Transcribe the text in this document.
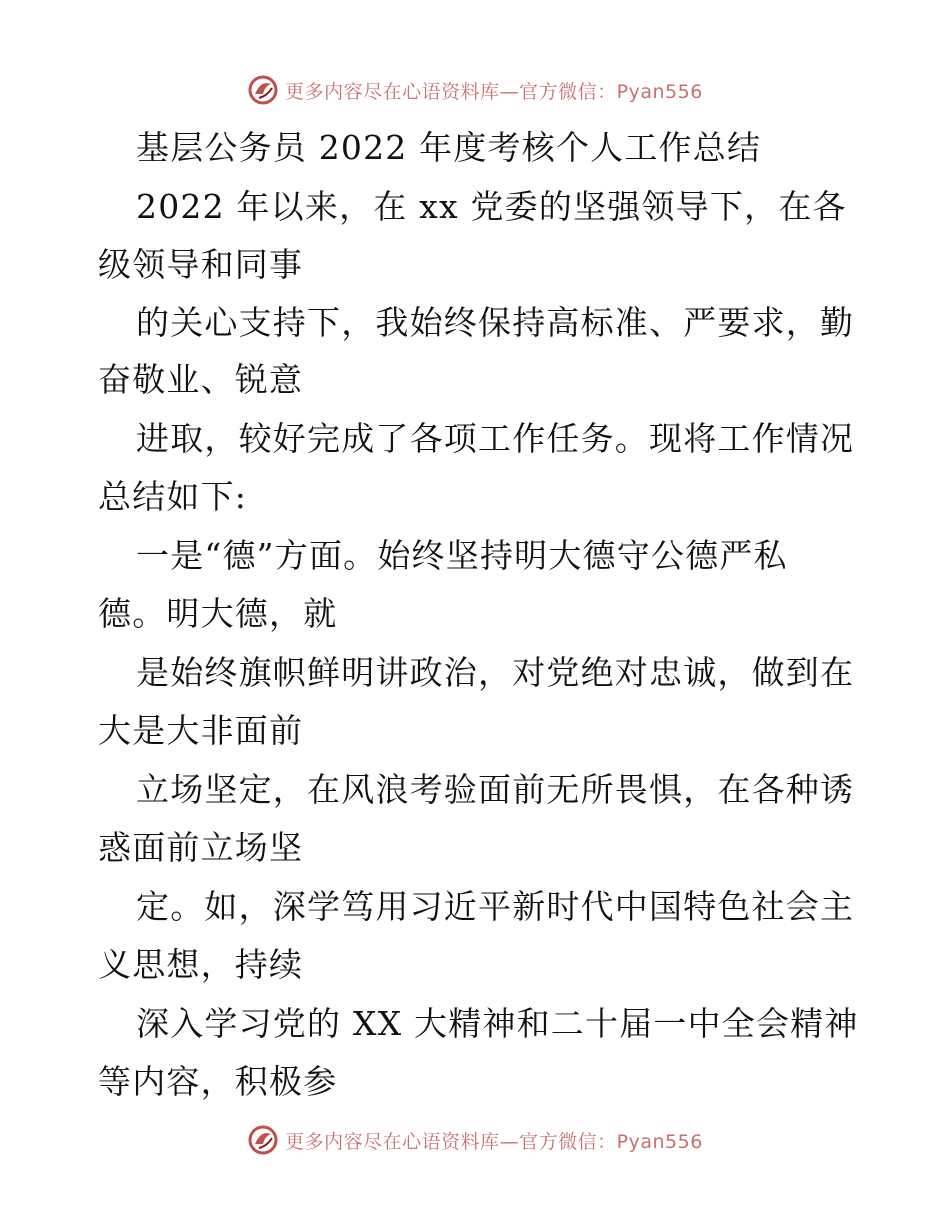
更多内容尽在心语资料库—官方微信：Pyan556
基层公务员 2022 年度考核个人工作总结
2022 年以来，在 xx 党委的坚强领导下，在各
级领导和同事
的关心支持下，我始终保持高标准、严要求，勤
奋敬业、锐意
进取，较好完成了各项工作任务。现将工作情况
总结如下:
一是“德”方面。始终坚持明大德守公德严私
德。明大德，就
是始终旗帜鲜明讲政治，对党绝对忠诚，做到在
大是大非面前
立场坚定，在风浪考验面前无所畏惧，在各种诱
惑面前立场坚
定。如，深学笃用习近平新时代中国特色社会主
义思想，持续
深入学习党的 XX 大精神和二十届一中全会精神
等内容，积极参
更多内容尽在心语资料库—官方微信：Pyan556
